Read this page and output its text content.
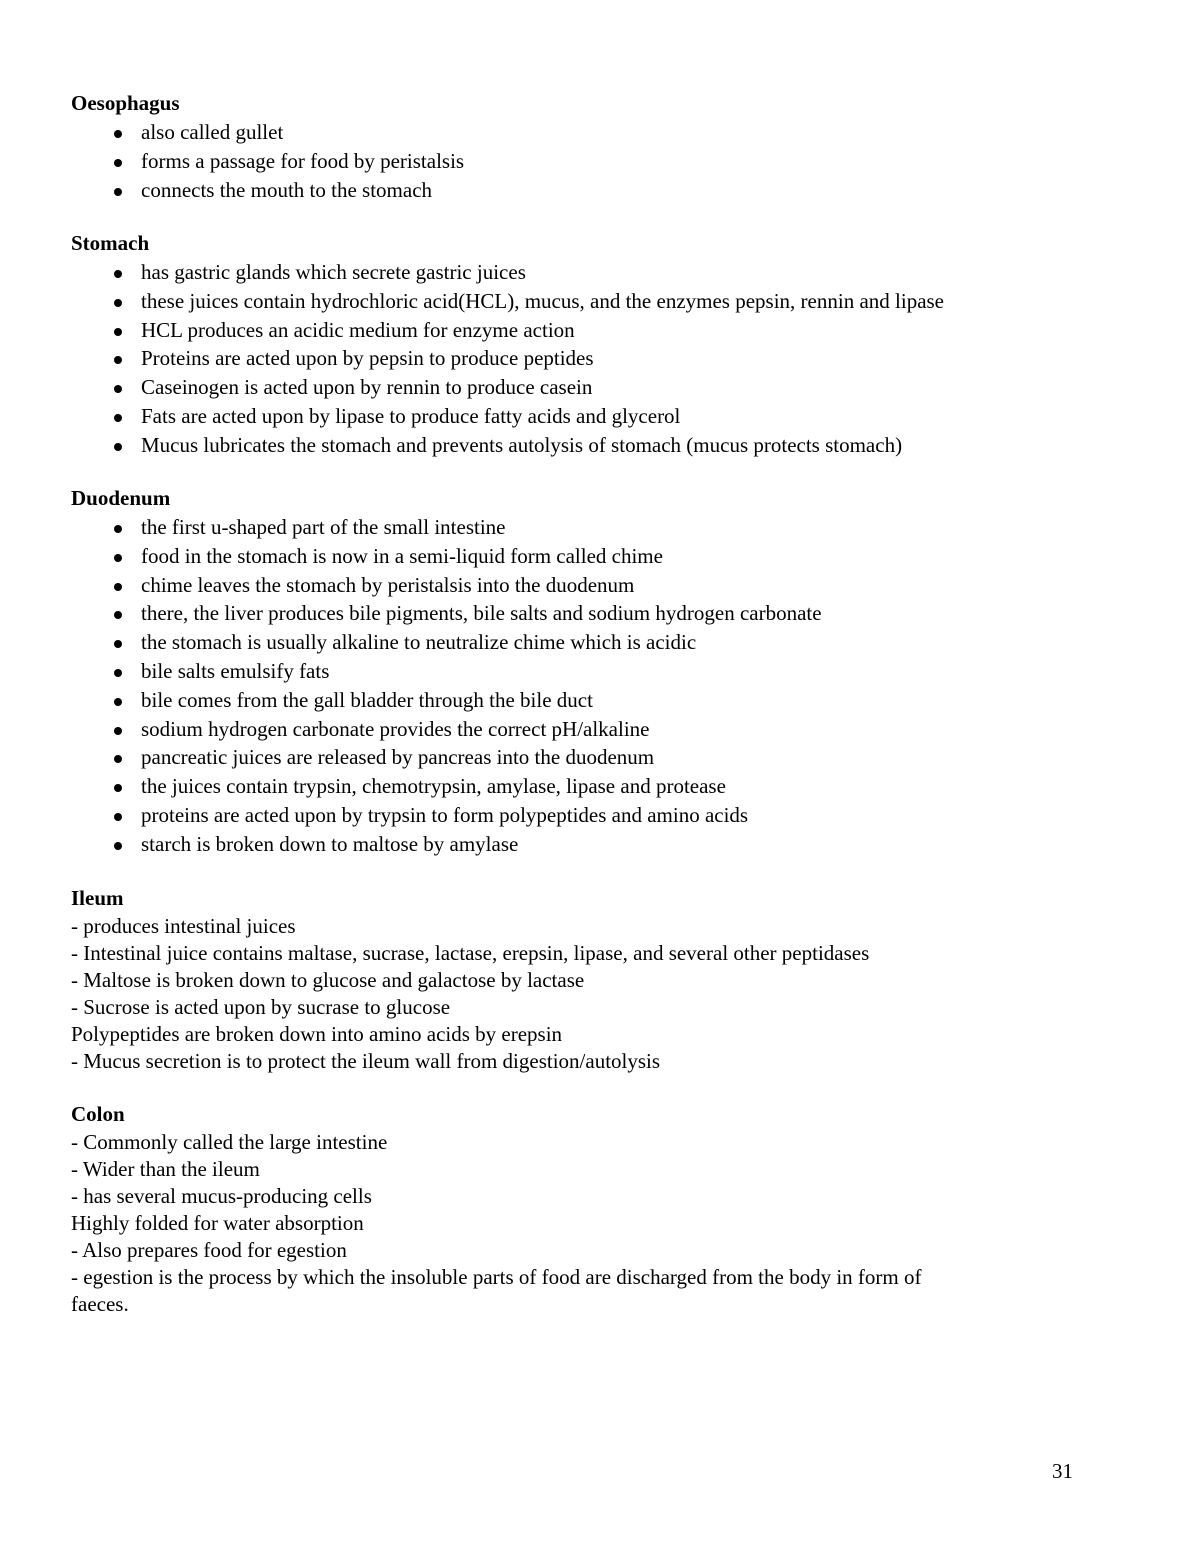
Oesophagus
also called gullet
forms a passage for food by peristalsis
connects the mouth to the stomach
Stomach
has gastric glands which secrete gastric juices
these juices contain hydrochloric acid(HCL), mucus, and the enzymes pepsin, rennin and lipase
HCL produces an acidic medium for enzyme action
Proteins are acted upon by pepsin to produce peptides
Caseinogen is acted upon by rennin to produce casein
Fats are acted upon by lipase to produce fatty acids and glycerol
Mucus lubricates the stomach and prevents autolysis of stomach (mucus protects stomach)
Duodenum
the first u-shaped part of the small intestine
food in the stomach is now in a semi-liquid form called chime
chime leaves the stomach by peristalsis into the duodenum
there, the liver produces bile pigments, bile salts and sodium hydrogen carbonate
the stomach is usually alkaline to neutralize chime which is acidic
bile salts emulsify fats
bile comes from the gall bladder through the bile duct
sodium hydrogen carbonate provides the correct pH/alkaline
pancreatic juices are released by pancreas into the duodenum
the juices contain trypsin, chemotrypsin, amylase, lipase and protease
proteins are acted upon by trypsin to form polypeptides and amino acids
starch is broken down to maltose by amylase
Ileum
- produces intestinal juices
- Intestinal juice contains maltase, sucrase, lactase, erepsin, lipase, and several other peptidases
- Maltose is broken down to glucose and galactose by lactase
- Sucrose is acted upon by sucrase to glucose
Polypeptides are broken down into amino acids by erepsin
- Mucus secretion is to protect the ileum wall from digestion/autolysis
Colon
- Commonly called the large intestine
- Wider than the ileum
- has several mucus-producing cells
Highly folded for water absorption
- Also prepares food for egestion
- egestion is the process by which the insoluble parts of food are discharged from the body in form of
faeces.
31
